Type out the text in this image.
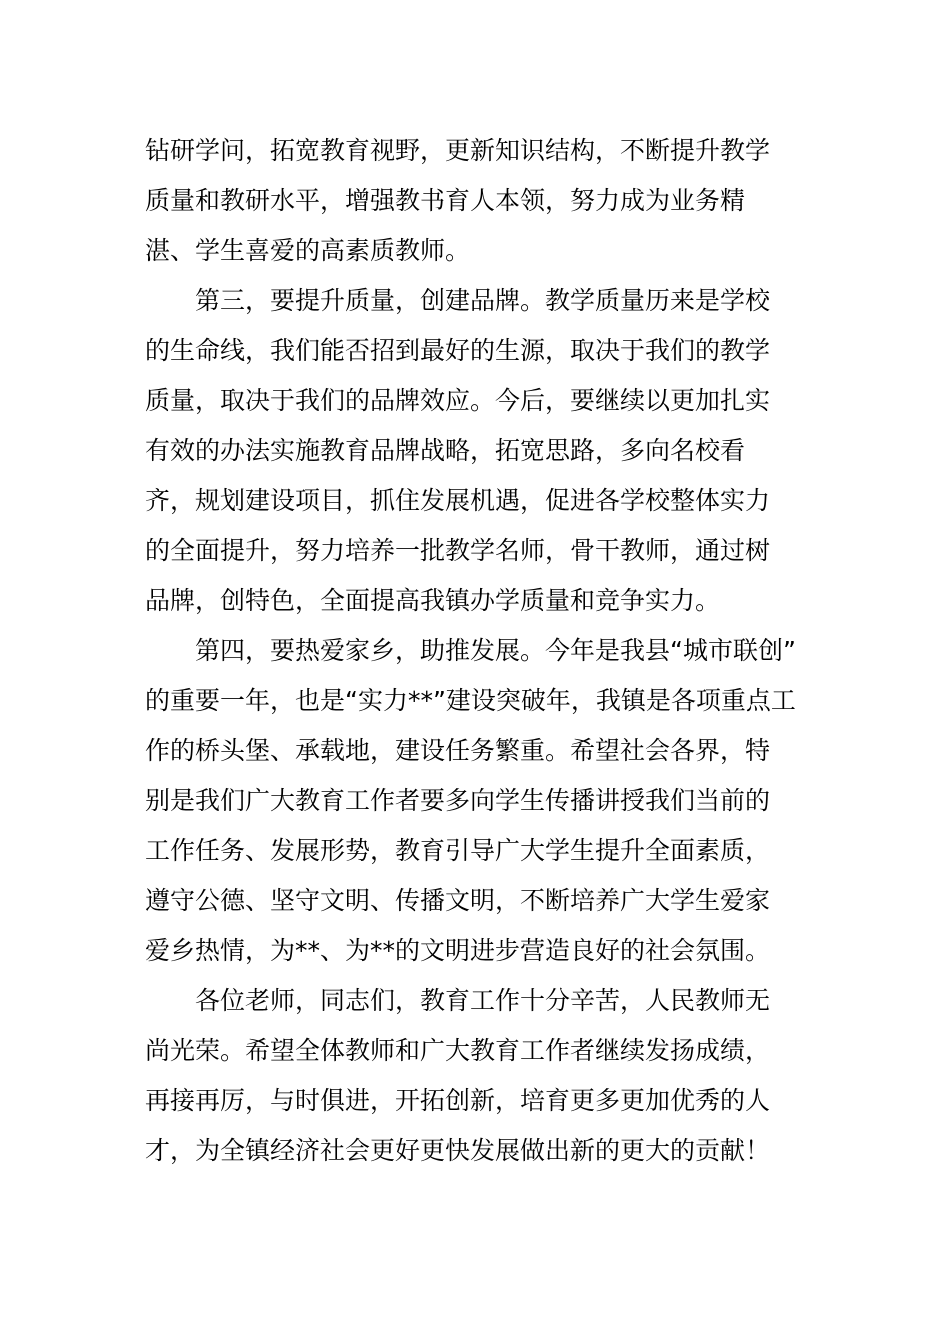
钻研学问，拓宽教育视野，更新知识结构，不断提升教学
质量和教研水平，增强教书育人本领，努力成为业务精
湛、学生喜爱的高素质教师。
第三，要提升质量，创建品牌。教学质量历来是学校
的生命线，我们能否招到最好的生源，取决于我们的教学
质量，取决于我们的品牌效应。今后，要继续以更加扎实
有效的办法实施教育品牌战略，拓宽思路，多向名校看
齐，规划建设项目，抓住发展机遇，促进各学校整体实力
的全面提升，努力培养一批教学名师，骨干教师，通过树
品牌，创特色，全面提高我镇办学质量和竞争实力。
第四，要热爱家乡，助推发展。今年是我县“城市联创”
的重要一年，也是“实力**”建设突破年，我镇是各项重点工
作的桥头堡、承载地，建设任务繁重。希望社会各界，特
别是我们广大教育工作者要多向学生传播讲授我们当前的
工作任务、发展形势，教育引导广大学生提升全面素质，
遵守公德、坚守文明、传播文明，不断培养广大学生爱家
爱乡热情，为**、为**的文明进步营造良好的社会氛围。
各位老师，同志们，教育工作十分辛苦，人民教师无
尚光荣。希望全体教师和广大教育工作者继续发扬成绩，
再接再厉，与时俱进，开拓创新，培育更多更加优秀的人
才，为全镇经济社会更好更快发展做出新的更大的贡献！
